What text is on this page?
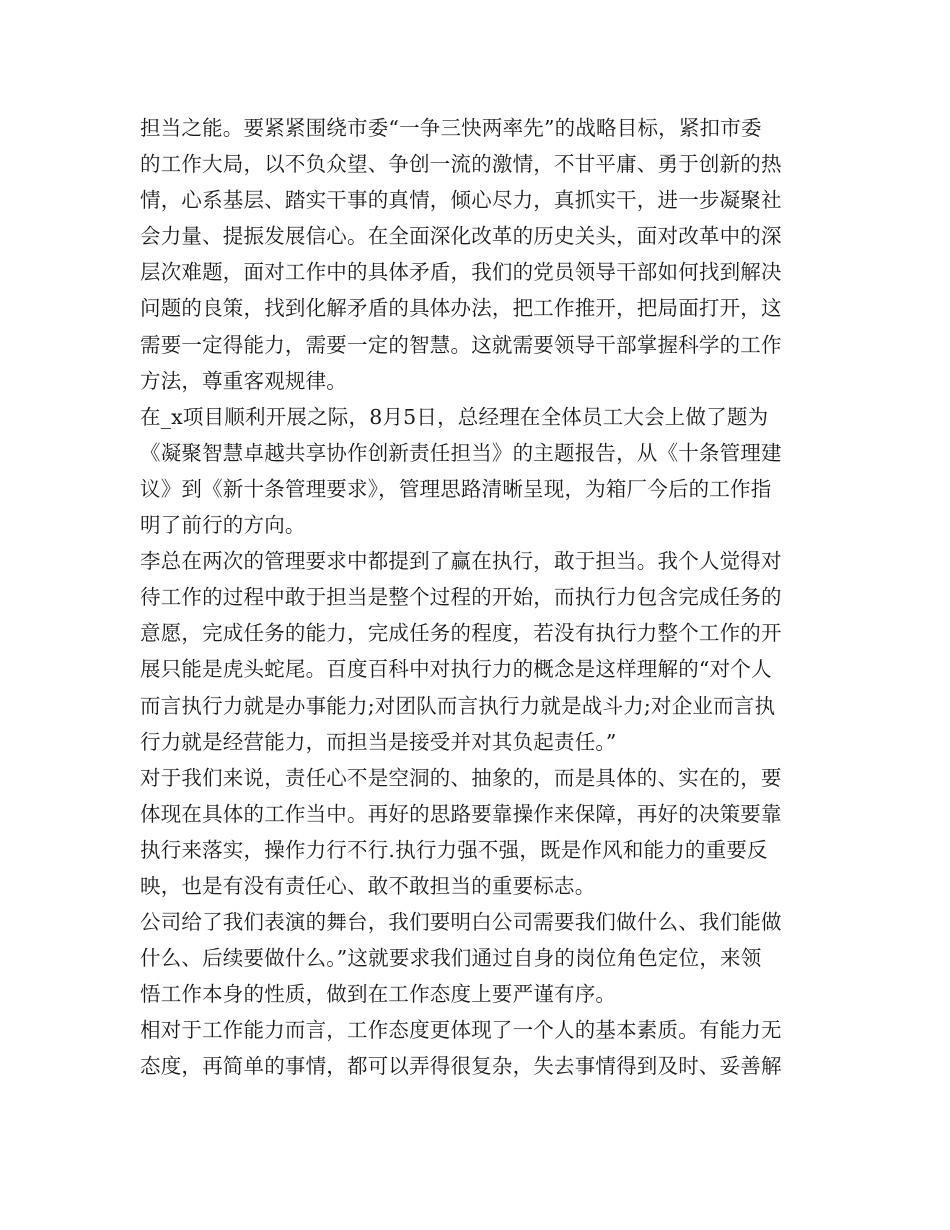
担当之能。要紧紧围绕市委“一争三快两率先”的战略目标，紧扣市委
的工作大局，以不负众望、争创一流的激情，不甘平庸、勇于创新的热
情，心系基层、踏实干事的真情，倾心尽力，真抓实干，进一步凝聚社
会力量、提振发展信心。在全面深化改革的历史关头，面对改革中的深
层次难题，面对工作中的具体矛盾，我们的党员领导干部如何找到解决
问题的良策，找到化解矛盾的具体办法，把工作推开，把局面打开，这
需要一定得能力，需要一定的智慧。这就需要领导干部掌握科学的工作
方法，尊重客观规律。
在_x项目顺利开展之际，8月5日，总经理在全体员工大会上做了题为
《凝聚智慧卓越共享协作创新责任担当》的主题报告，从《十条管理建
议》到《新十条管理要求》，管理思路清晰呈现，为箱厂今后的工作指
明了前行的方向。
李总在两次的管理要求中都提到了赢在执行，敢于担当。我个人觉得对
待工作的过程中敢于担当是整个过程的开始，而执行力包含完成任务的
意愿，完成任务的能力，完成任务的程度，若没有执行力整个工作的开
展只能是虎头蛇尾。百度百科中对执行力的概念是这样理解的“对个人
而言执行力就是办事能力;对团队而言执行力就是战斗力;对企业而言执
行力就是经营能力，而担当是接受并对其负起责任。”
对于我们来说，责任心不是空洞的、抽象的，而是具体的、实在的，要
体现在具体的工作当中。再好的思路要靠操作来保障，再好的决策要靠
执行来落实，操作力行不行.执行力强不强，既是作风和能力的重要反
映，也是有没有责任心、敢不敢担当的重要标志。
公司给了我们表演的舞台，我们要明白公司需要我们做什么、我们能做
什么、后续要做什么。”这就要求我们通过自身的岗位角色定位，来领
悟工作本身的性质，做到在工作态度上要严谨有序。
相对于工作能力而言，工作态度更体现了一个人的基本素质。有能力无
态度，再简单的事情，都可以弄得很复杂，失去事情得到及时、妥善解
